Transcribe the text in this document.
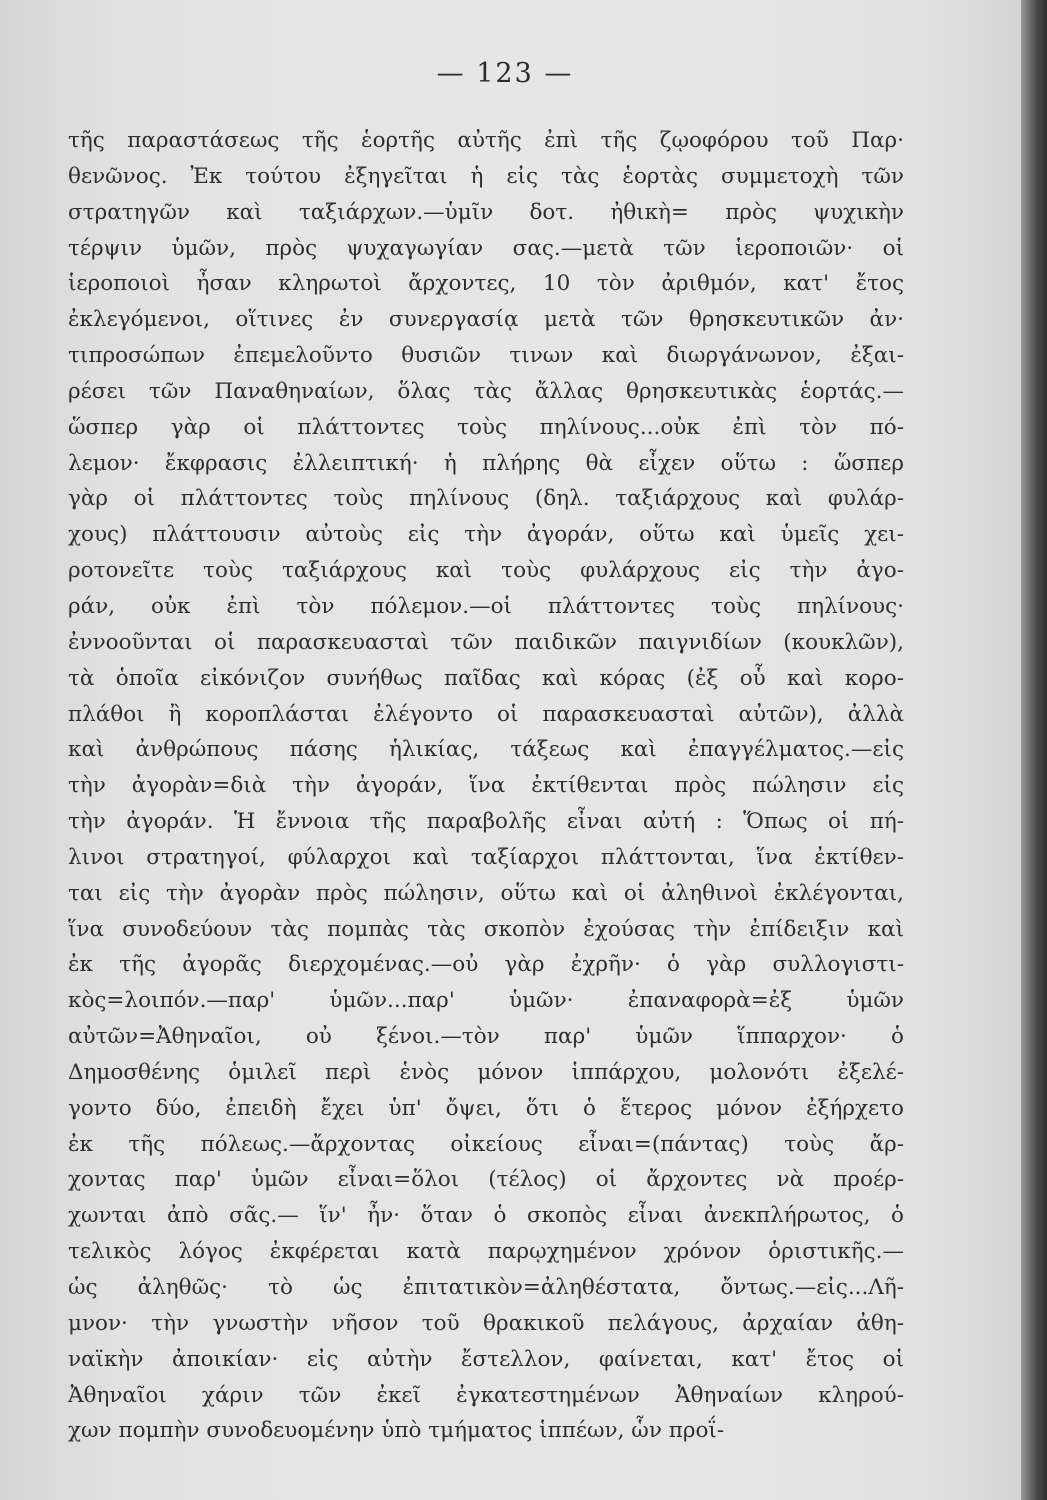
— 123 —
τῆς παραστάσεως τῆς ἑορτῆς αὐτῆς ἐπὶ τῆς ζῳοφόρου τοῦ Παρ·
θενῶνος. Ἐκ τούτου ἐξηγεῖται ἡ εἰς τὰς ἑορτὰς συμμετοχὴ τῶν
στρατηγῶν καὶ ταξιάρχων.—ὑμῖν δοτ. ἠθικὴ= πρὸς ψυχικὴν
τέρψιν ὑμῶν, πρὸς ψυχαγωγίαν σας.—μετὰ τῶν ἱεροποιῶν· οἱ
ἱεροποιοὶ ἦσαν κληρωτοὶ ἄρχοντες, 10 τὸν ἀριθμόν, κατ' ἔτος
ἐκλεγόμενοι, οἵτινες ἐν συνεργασίᾳ μετὰ τῶν θρησκευτικῶν ἀν·
τιπροσώπων ἐπεμελοῦντο θυσιῶν τινων καὶ διωργάνωνον, ἐξαι-
ρέσει τῶν Παναθηναίων, ὅλας τὰς ἄλλας θρησκευτικὰς ἑορτάς.—
ὥσπερ γὰρ οἱ πλάττοντες τοὺς πηλίνους...οὐκ ἐπὶ τὸν πό-
λεμον· ἔκφρασις ἐλλειπτική· ἡ πλήρης θὰ εἶχεν οὕτω : ὥσπερ
γὰρ οἱ πλάττοντες τοὺς πηλίνους (δηλ. ταξιάρχους καὶ φυλάρ-
χους) πλάττουσιν αὐτοὺς εἰς τὴν ἀγοράν, οὕτω καὶ ὑμεῖς χει-
ροτονεῖτε τοὺς ταξιάρχους καὶ τοὺς φυλάρχους εἰς τὴν ἀγο-
ράν, οὐκ ἐπὶ τὸν πόλεμον.—οἱ πλάττοντες τοὺς πηλίνους·
ἐννοοῦνται οἱ παρασκευασταὶ τῶν παιδικῶν παιγνιδίων (κουκλῶν),
τὰ ὁποῖα εἰκόνιζον συνήθως παῖδας καὶ κόρας (ἐξ οὗ καὶ κορο-
πλάθοι ἢ κοροπλάσται ἐλέγοντο οἱ παρασκευασταὶ αὐτῶν), ἀλλὰ
καὶ ἀνθρώπους πάσης ἡλικίας, τάξεως καὶ ἐπαγγέλματος.—εἰς
τὴν ἀγορὰν=διὰ τὴν ἀγοράν, ἵνα ἐκτίθενται πρὸς πώλησιν εἰς
τὴν ἀγοράν. Ἡ ἔννοια τῆς παραβολῆς εἶναι αὐτή : Ὅπως οἱ πή-
λινοι στρατηγοί, φύλαρχοι καὶ ταξίαρχοι πλάττονται, ἵνα ἐκτίθεν-
ται εἰς τὴν ἀγορὰν πρὸς πώλησιν, οὕτω καὶ οἱ ἀληθινοὶ ἐκλέγονται,
ἵνα συνοδεύουν τὰς πομπὰς τὰς σκοπὸν ἐχούσας τὴν ἐπίδειξιν καὶ
ἐκ τῆς ἀγορᾶς διερχομένας.—οὐ γὰρ ἐχρῆν· ὁ γὰρ συλλογιστι-
κὸς=λοιπόν.—παρ' ὑμῶν...παρ' ὑμῶν· ἐπαναφορὰ=ἐξ ὑμῶν
αὐτῶν=Ἀθηναῖοι, οὐ ξένοι.—τὸν παρ' ὑμῶν ἵππαρχον· ὁ
Δημοσθένης ὁμιλεῖ περὶ ἑνὸς μόνον ἱππάρχου, μολονότι ἐξελέ-
γοντο δύο, ἐπειδὴ ἔχει ὑπ' ὄψει, ὅτι ὁ ἕτερος μόνον ἐξήρχετο
ἐκ τῆς πόλεως.—ἄρχοντας οἰκείους εἶναι=(πάντας) τοὺς ἄρ-
χοντας παρ' ὑμῶν εἶναι=ὅλοι (τέλος) οἱ ἄρχοντες νὰ προέρ-
χωνται ἀπὸ σᾶς.— ἵν' ἦν· ὅταν ὁ σκοπὸς εἶναι ἀνεκπλήρωτος, ὁ
τελικὸς λόγος ἐκφέρεται κατὰ παρῳχημένον χρόνον ὁριστικῆς.—
ὡς ἀληθῶς· τὸ ὡς ἐπιτατικὸν=ἀληθέστατα, ὄντως.—εἰς...Λῆ-
μνον· τὴν γνωστὴν νῆσον τοῦ θρακικοῦ πελάγους, ἀρχαίαν ἀθη-
ναϊκὴν ἀποικίαν· εἰς αὐτὴν ἔστελλον, φαίνεται, κατ' ἔτος οἱ
Ἀθηναῖοι χάριν τῶν ἐκεῖ ἐγκατεστημένων Ἀθηναίων κληρού-
χων πομπὴν συνοδευομένην ὑπὸ τμήματος ἱππέων, ὧν προΐ-
